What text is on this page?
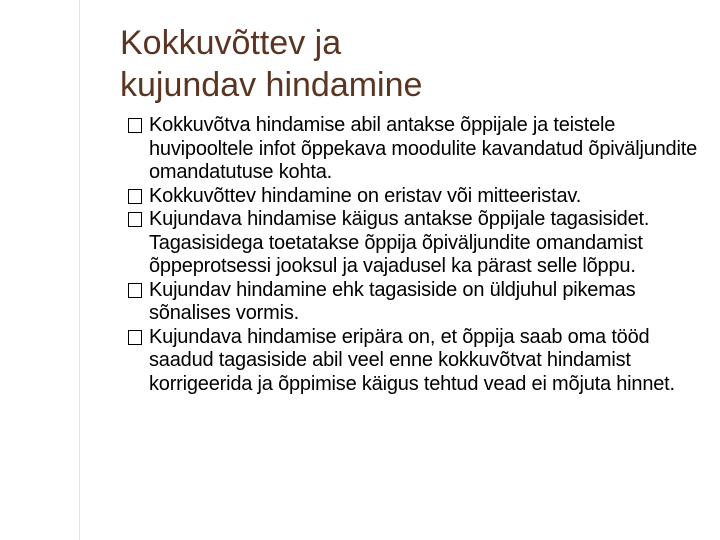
Kokkuvõttev ja
kujundav hindamine
Kokkuvõtva hindamise abil antakse õppijale ja teistele huvipooltele infot õppekava moodulite kavandatud õpiväljundite omandatutuse kohta.
Kokkuvõttev hindamine on eristav või mitteeristav.
Kujundava hindamise käigus antakse õppijale tagasisidet. Tagasisidega toetatakse õppija õpiväljundite omandamist õppeprotsessi jooksul ja vajadusel ka pärast selle lõppu.
Kujundav hindamine ehk tagasiside on üldjuhul pikemas sõnalises vormis.
Kujundava hindamise eripära on, et õppija saab oma tööd saadud tagasiside abil veel enne kokkuvõtvat hindamist korrigeerida ja õppimise käigus tehtud vead ei mõjuta hinnet.
